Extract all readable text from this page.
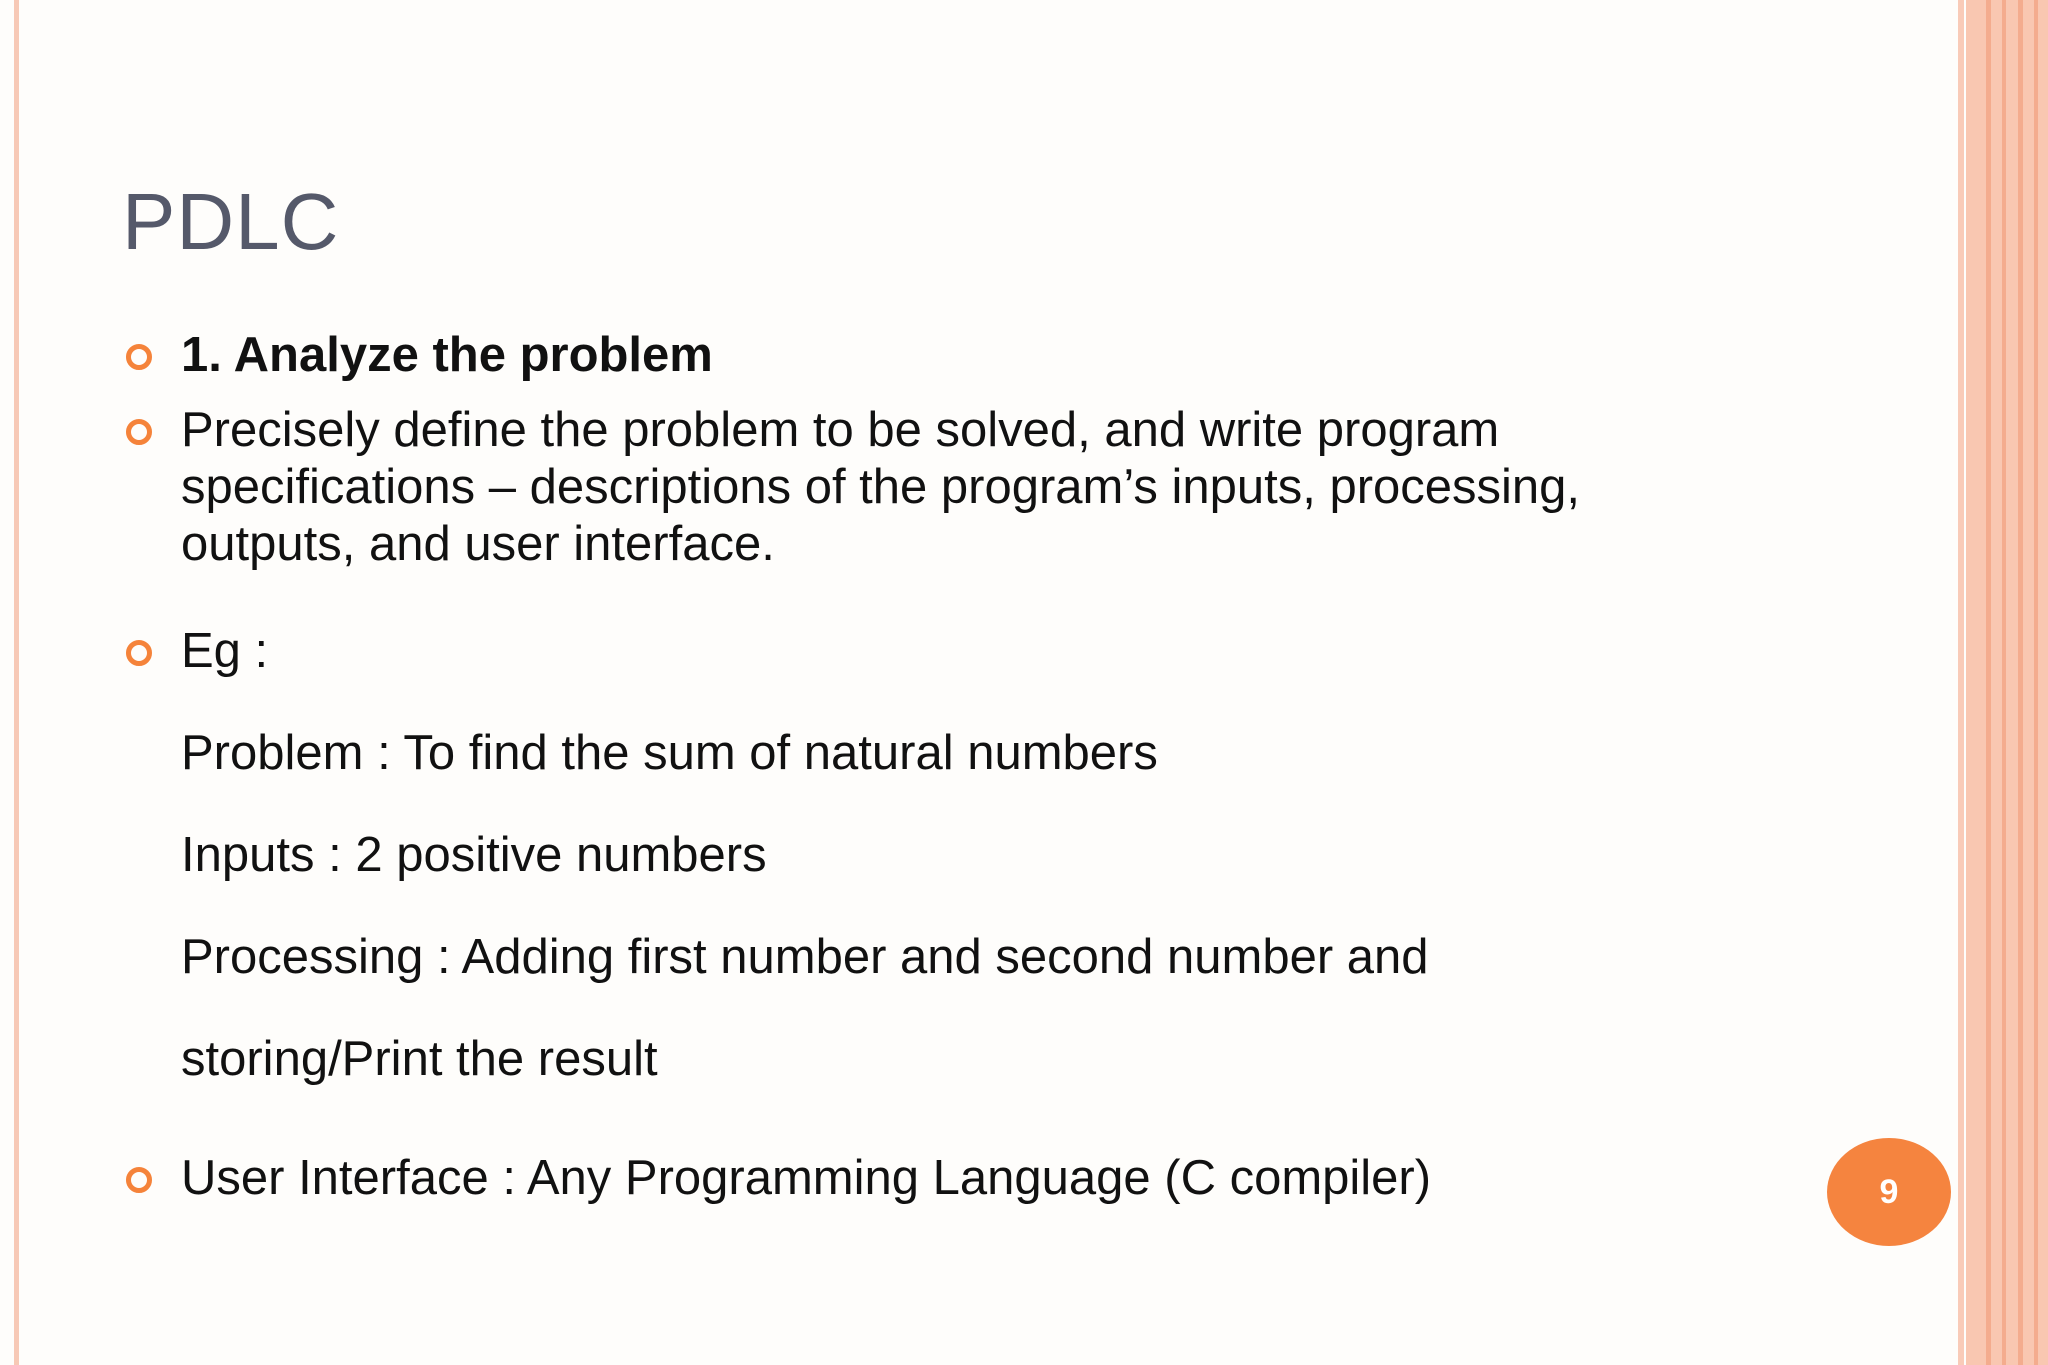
PDLC
1. Analyze the problem
Precisely define the problem to be solved, and write program
specifications – descriptions of the program’s inputs, processing,
outputs, and user interface.
Eg :
Problem : To find the sum of natural numbers
Inputs : 2 positive numbers
Processing : Adding first number and second number and
storing/Print the result
User Interface : Any Programming Language (C compiler)	9
